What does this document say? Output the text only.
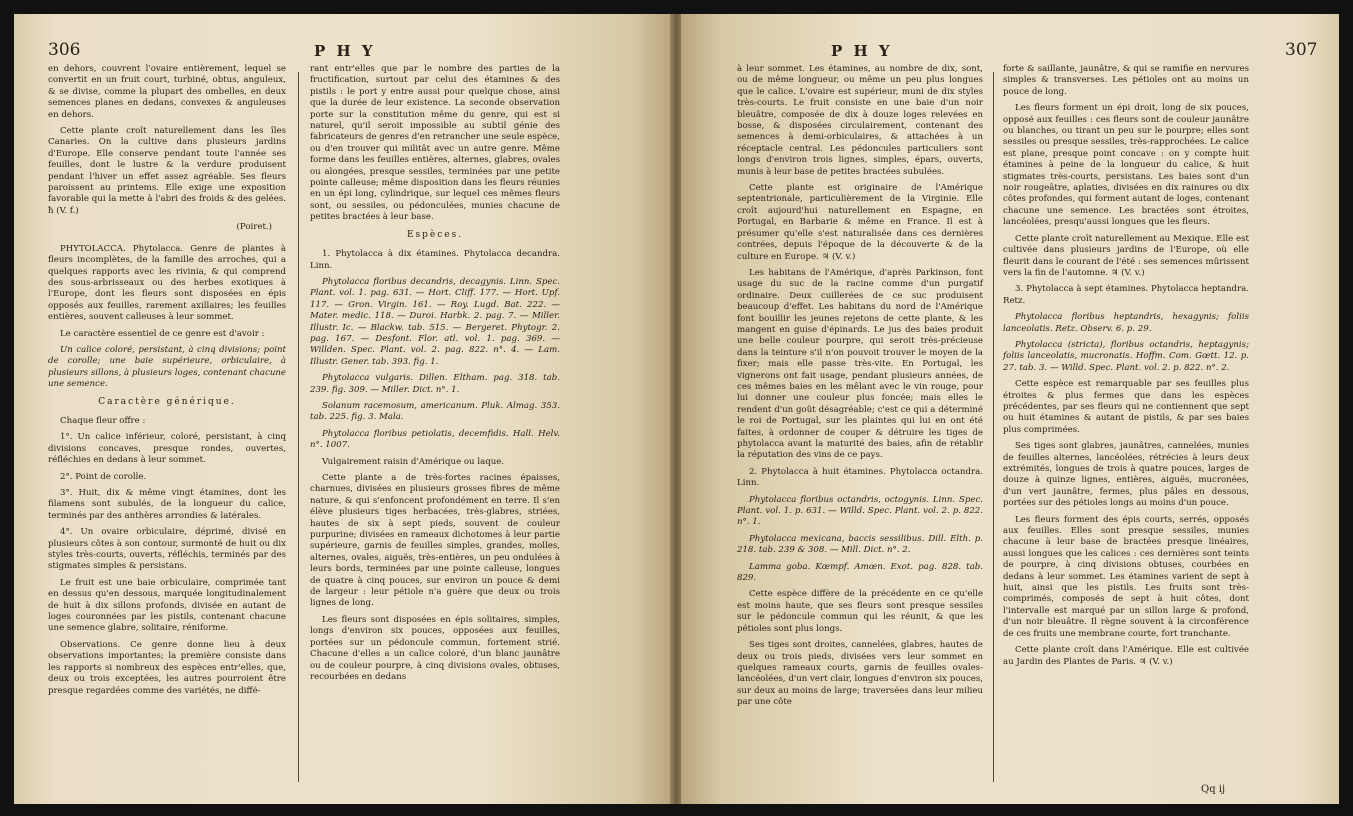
306	P H Y

en dehors, couvrent l'ovaire entièrement, lequel se convertit en un fruit court, turbiné, obtus, anguleux, & se divise, comme la plupart des ombelles, en deux semences planes en dedans, convexes & anguleuses en dehors.

Cette plante croît naturellement dans les îles Canaries. On la cultive dans plusieurs jardins d'Europe. Elle conserve pendant toute l'année ses feuilles, dont le lustre & la verdure produisent pendant l'hiver un effet assez agréable. Ses fleurs paroissent au printems. Elle exige une exposition favorable qui la mette à l'abri des froids & des gelées. ħ (V. f.)

(Poiret.)

PHYTOLACCA. Phytolacca. Genre de plantes à fleurs incomplètes, de la famille des arroches, qui a quelques rapports avec les rivinia, & qui comprend des sous-arbrisseaux ou des herbes exotiques à l'Europe, dont les fleurs sont disposées en épis opposés aux feuilles, rarement axillaires; les feuilles entières, souvent calleuses à leur sommet.

Le caractère essentiel de ce genre est d'avoir :

Un calice coloré, persistant, à cinq divisions; point de corolle; une baie supérieure, orbiculaire, à plusieurs sillons, à plusieurs loges, contenant chacune une semence.

Caractère générique.

Chaque fleur offre :

1°. Un calice inférieur, coloré, persistant, à cinq divisions concaves, presque rondes, ouvertes, réfléchies en dedans à leur sommet.

2°. Point de corolle.

3°. Huit, dix & même vingt étamines, dont les filamens sont subulés, de la longueur du calice, terminés par des anthères arrondies & latérales.

4°. Un ovaire orbiculaire, déprimé, divisé en plusieurs côtes à son contour, surmonté de huit ou dix styles très-courts, ouverts, réfléchis, terminés par des stigmates simples & persistans.

Le fruit est une baie orbiculaire, comprimée tant en dessus qu'en dessous, marquée longitudinalement de huit à dix sillons profonds, divisée en autant de loges couronnées par les pistils, contenant chacune une semence glabre, solitaire, réniforme.

Observations. Ce genre donne lieu à deux observations importantes; la première consiste dans les rapports si nombreux des espèces entr'elles, que, deux ou trois exceptées, les autres pourroient être presque regardées comme des variétés, ne diffé-

rant entr'elles que par le nombre des parties de la fructification, surtout par celui des étamines & des pistils : le port y entre aussi pour quelque chose, ainsi que la durée de leur existence. La seconde observation porte sur la constitution même du genre, qui est si naturel, qu'il seroit impossible au subtil génie des fabricateurs de genres d'en retrancher une seule espèce, ou d'en trouver qui militât avec un autre genre. Même forme dans les feuilles entières, alternes, glabres, ovales ou alongées, presque sessiles, terminées par une petite pointe calleuse; même disposition dans les fleurs réunies en un épi long, cylindrique, sur lequel ces mêmes fleurs sont, ou sessiles, ou pédonculées, munies chacune de petites bractées à leur base.

Espèces.

1. Phytolacca à dix étamines. Phytolacca decandra. Linn.

Phytolacca floribus decandris, decagynis. Linn. Spec. Plant. vol. 1. pag. 631. — Hort. Cliff. 177. — Hort. Upf. 117. — Gron. Virgin. 161. — Roy. Lugd. Bat. 222. — Mater. medic. 118. — Duroi. Harbk. 2. pag. 7. — Miller. Illustr. Ic. — Blackw. tab. 515. — Bergeret. Phytogr. 2. pag. 167. — Desfont. Flor. atl. vol. 1. pag. 369. — Willden. Spec. Plant. vol. 2. pag. 822. n°. 4. — Lam. Illustr. Gener. tab. 393. fig. 1.

Phytolacca vulgaris. Dillen. Eltham. pag. 318. tab. 239. fig. 309. — Miller. Dict. n°. 1.

Solanum racemosum, americanum. Pluk. Almag. 353. tab. 225. fig. 3. Mala.

Phytolacca floribus petiolatis, decemfidis. Hall. Helv. n°. 1007.

Vulgairement raisin d'Amérique ou laque.

Cette plante a de très-fortes racines épaisses, charnues, divisées en plusieurs grosses fibres de même nature, & qui s'enfoncent profondément en terre. Il s'en élève plusieurs tiges herbacées, très-glabres, striées, hautes de six à sept pieds, souvent de couleur purpurine; divisées en rameaux dichotomes à leur partie supérieure, garnis de feuilles simples, grandes, molles, alternes, ovales, aiguës, très-entières, un peu ondulées à leurs bords, terminées par une pointe calleuse, longues de quatre à cinq pouces, sur environ un pouce & demi de largeur : leur pétiole n'a guère que deux ou trois lignes de long.

Les fleurs sont disposées en épis solitaires, simples, longs d'environ six pouces, opposées aux feuilles, portées sur un pédoncule commun, fortement strié. Chacune d'elles a un calice coloré, d'un blanc jaunâtre ou de couleur pourpre, à cinq divisions ovales, obtuses, recourbées en dedans

P H Y	307

à leur sommet. Les étamines, au nombre de dix, sont, ou de même longueur, ou même un peu plus longues que le calice. L'ovaire est supérieur, muni de dix styles très-courts. Le fruit consiste en une baie d'un noir bleuâtre, composée de dix à douze loges relevées en bosse, & disposées circulairement, contenant des semences à demi-orbiculaires, & attachées à un réceptacle central. Les pédoncules particuliers sont longs d'environ trois lignes, simples, épars, ouverts, munis à leur base de petites bractées subulées.

Cette plante est originaire de l'Amérique septentrionale, particulièrement de la Virginie. Elle croît aujourd'hui naturellement en Espagne, en Portugal, en Barbarie & même en France. Il est à présumer qu'elle s'est naturalisée dans ces dernières contrées, depuis l'époque de la découverte & de la culture en Europe. ♃ (V. v.)

Les habitans de l'Amérique, d'après Parkinson, font usage du suc de la racine comme d'un purgatif ordinaire. Deux cuillerées de ce suc produisent beaucoup d'effet. Les habitans du nord de l'Amérique font bouillir les jeunes rejetons de cette plante, & les mangent en guise d'épinards. Le jus des baies produit une belle couleur pourpre, qui seroit très-précieuse dans la teinture s'il n'on pouvoit trouver le moyen de la fixer; mais elle passe très-vite. En Portugal, les vignerons ont fait usage, pendant plusieurs années, de ces mêmes baies en les mêlant avec le vin rouge, pour lui donner une couleur plus foncée; mais elles le rendent d'un goût désagréable; c'est ce qui a déterminé le roi de Portugal, sur les plaintes qui lui en ont été faites, à ordonner de couper & détruire les tiges de phytolacca avant la maturité des baies, afin de rétablir la réputation des vins de ce pays.

2. Phytolacca à huit étamines. Phytolacca octandra. Linn.

Phytolacca floribus octandris, octogynis. Linn. Spec. Plant. vol. 1. p. 631. — Willd. Spec. Plant. vol. 2. p. 822. n°. 1.

Phytolacca mexicana, baccis sessilibus. Dill. Elth. p. 218. tab. 239 & 308. — Mill. Dict. n°. 2.

Lamma goba. Kœmpf. Amœn. Exot. pag. 828. tab. 829.

Cette espèce diffère de la précédente en ce qu'elle est moins haute, que ses fleurs sont presque sessiles sur le pédoncule commun qui les réunit, & que les pétioles sont plus longs.

Ses tiges sont droites, cannelées, glabres, hautes de deux ou trois pieds, divisées vers leur sommet en quelques rameaux courts, garnis de feuilles ovales-lancéolées, d'un vert clair, longues d'environ six pouces, sur deux au moins de large; traversées dans leur milieu par une côte

forte & saillante, jaunâtre, & qui se ramifie en nervures simples & transverses. Les pétioles ont au moins un pouce de long.

Les fleurs forment un épi droit, long de six pouces, opposé aux feuilles : ces fleurs sont de couleur jaunâtre ou blanches, ou tirant un peu sur le pourpre; elles sont sessiles ou presque sessiles, très-rapprochées. Le calice est plane, presque point concave : on y compte huit étamines à peine de la longueur du calice, & huit stigmates très-courts, persistans. Les baies sont d'un noir rougeâtre, aplaties, divisées en dix rainures ou dix côtes profondes, qui forment autant de loges, contenant chacune une semence. Les bractées sont étroites, lancéolées, presqu'aussi longues que les fleurs.

Cette plante croît naturellement au Mexique. Elle est cultivée dans plusieurs jardins de l'Europe, où elle fleurit dans le courant de l'été : ses semences mûrissent vers la fin de l'automne. ♃ (V. v.)

3. Phytolacca à sept étamines. Phytolacca heptandra. Retz.

Phytolacca floribus heptandris, hexagynis; foliis lanceolatis. Retz. Observ. 6. p. 29.

Phytolacca (stricta), floribus octandris, heptagynis; foliis lanceolatis, mucronatis. Hoffm. Com. Gœtt. 12. p. 27. tab. 3. — Willd. Spec. Plant. vol. 2. p. 822. n°. 2.

Cette espèce est remarquable par ses feuilles plus étroites & plus fermes que dans les espèces précédentes, par ses fleurs qui ne contiennent que sept ou huit étamines & autant de pistils, & par ses baies plus comprimées.

Ses tiges sont glabres, jaunâtres, cannelées, munies de feuilles alternes, lancéolées, rétrécies à leurs deux extrémités, longues de trois à quatre pouces, larges de douze à quinze lignes, entières, aiguës, mucronées, d'un vert jaunâtre, fermes, plus pâles en dessous, portées sur des pétioles longs au moins d'un pouce.

Les fleurs forment des épis courts, serrés, opposés aux feuilles. Elles sont presque sessiles, munies chacune à leur base de bractées presque linéaires, aussi longues que les calices : ces dernières sont teints de pourpre, à cinq divisions obtuses, courbées en dedans à leur sommet. Les étamines varient de sept à huit, ainsi que les pistils. Les fruits sont très-comprimés, composés de sept à huit côtes, dont l'intervalle est marqué par un sillon large & profond, d'un noir bleuâtre. Il règne souvent à la circonférence de ces fruits une membrane courte, fort tranchante.

Cette plante croît dans l'Amérique. Elle est cultivée au Jardin des Plantes de Paris. ♃ (V. v.)

Qq ij
